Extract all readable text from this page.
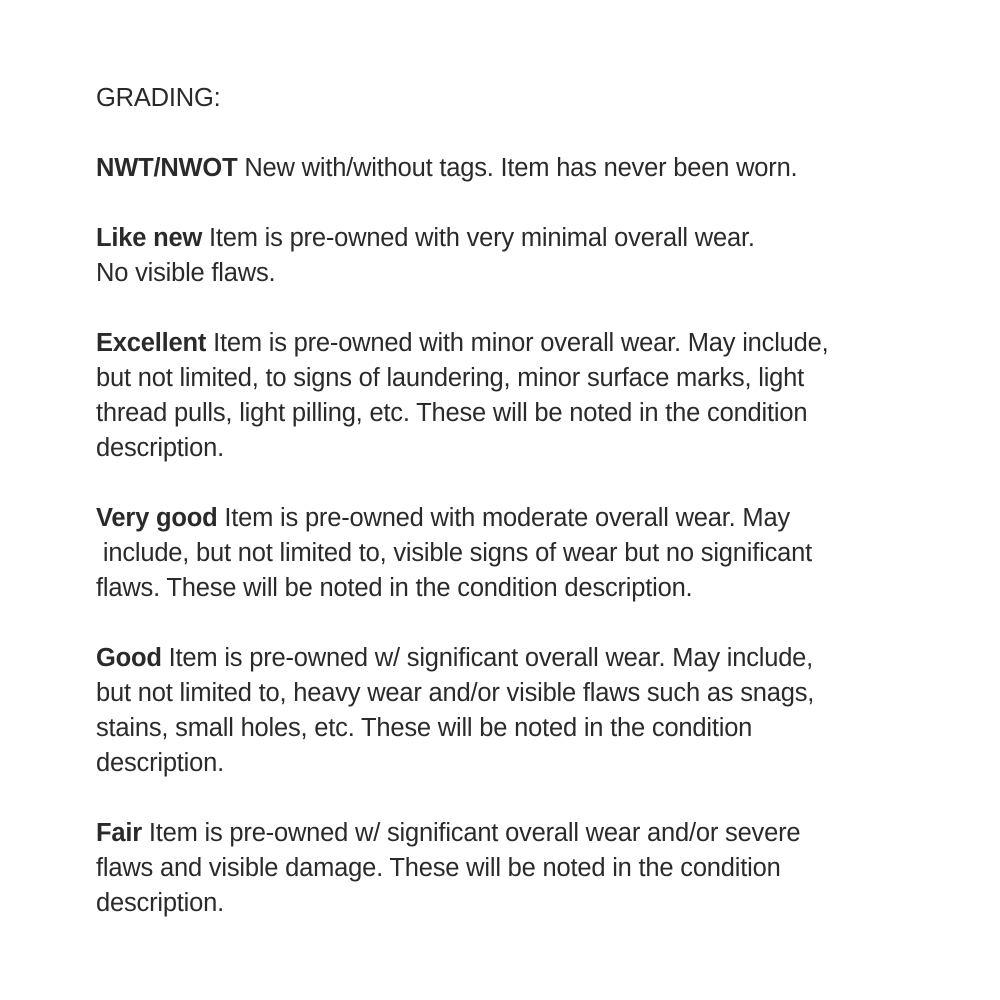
GRADING:
NWT/NWOT New with/without tags. Item has never been worn.
Like new Item is pre-owned with very minimal overall wear.
No visible flaws.
Excellent Item is pre-owned with minor overall wear. May include,
but not limited, to signs of laundering, minor surface marks, light
thread pulls, light pilling, etc. These will be noted in the condition
description.
Very good Item is pre-owned with moderate overall wear. May
include, but not limited to, visible signs of wear but no significant
flaws. These will be noted in the condition description.
Good Item is pre-owned w/ significant overall wear. May include,
but not limited to, heavy wear and/or visible flaws such as snags,
stains, small holes, etc. These will be noted in the condition
description.
Fair Item is pre-owned w/ significant overall wear and/or severe
flaws and visible damage. These will be noted in the condition
description.
